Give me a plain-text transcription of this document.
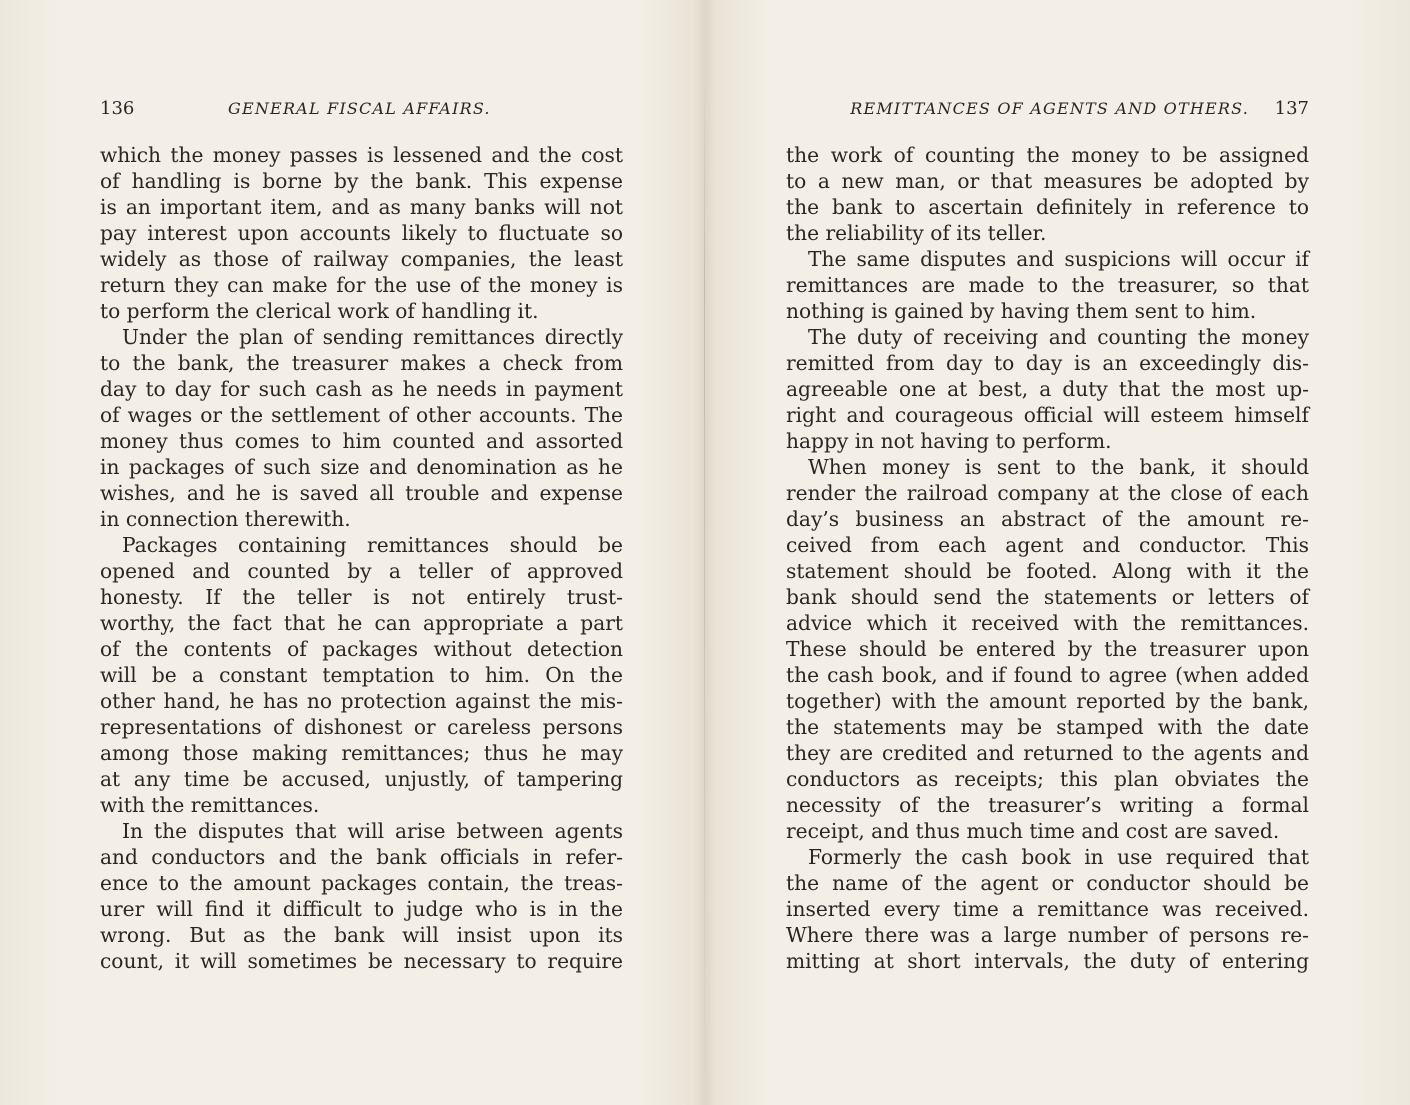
136	GENERAL FISCAL AFFAIRS.
which the money passes is lessened and the cost
of handling is borne by the bank. This expense
is an important item, and as many banks will not
pay interest upon accounts likely to fluctuate so
widely as those of railway companies, the least
return they can make for the use of the money is
to perform the clerical work of handling it.
Under the plan of sending remittances directly
to the bank, the treasurer makes a check from
day to day for such cash as he needs in payment
of wages or the settlement of other accounts. The
money thus comes to him counted and assorted
in packages of such size and denomination as he
wishes, and he is saved all trouble and expense
in connection therewith.
Packages containing remittances should be
opened and counted by a teller of approved
honesty. If the teller is not entirely trust-
worthy, the fact that he can appropriate a part
of the contents of packages without detection
will be a constant temptation to him. On the
other hand, he has no protection against the mis-
representations of dishonest or careless persons
among those making remittances; thus he may
at any time be accused, unjustly, of tampering
with the remittances.
In the disputes that will arise between agents
and conductors and the bank officials in refer-
ence to the amount packages contain, the treas-
urer will find it difficult to judge who is in the
wrong. But as the bank will insist upon its
count, it will sometimes be necessary to require
REMITTANCES OF AGENTS AND OTHERS. 137
the work of counting the money to be assigned
to a new man, or that measures be adopted by
the bank to ascertain definitely in reference to
the reliability of its teller.
The same disputes and suspicions will occur if
remittances are made to the treasurer, so that
nothing is gained by having them sent to him.
The duty of receiving and counting the money
remitted from day to day is an exceedingly dis-
agreeable one at best, a duty that the most up-
right and courageous official will esteem himself
happy in not having to perform.
When money is sent to the bank, it should
render the railroad company at the close of each
day’s business an abstract of the amount re-
ceived from each agent and conductor. This
statement should be footed. Along with it the
bank should send the statements or letters of
advice which it received with the remittances.
These should be entered by the treasurer upon
the cash book, and if found to agree (when added
together) with the amount reported by the bank,
the statements may be stamped with the date
they are credited and returned to the agents and
conductors as receipts; this plan obviates the
necessity of the treasurer’s writing a formal
receipt, and thus much time and cost are saved.
Formerly the cash book in use required that
the name of the agent or conductor should be
inserted every time a remittance was received.
Where there was a large number of persons re-
mitting at short intervals, the duty of entering
